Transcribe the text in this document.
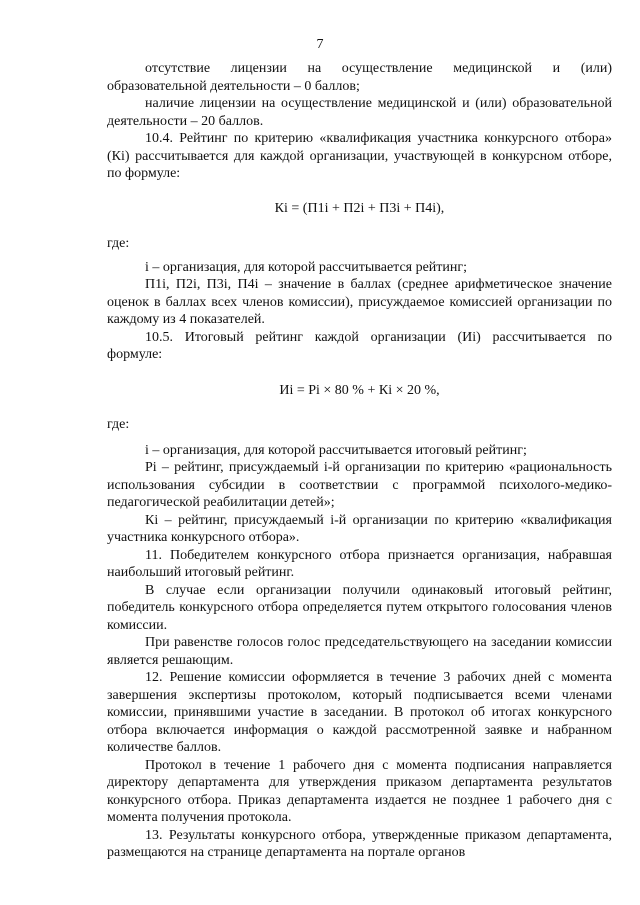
7

отсутствие лицензии на осуществление медицинской и (или) образовательной деятельности – 0 баллов;

наличие лицензии на осуществление медицинской и (или) образовательной деятельности – 20 баллов.

10.4. Рейтинг по критерию «квалификация участника конкурсного отбора» (Кi) рассчитывается для каждой организации, участвующей в конкурсном отборе, по формуле:

Кi = (П1i + П2i + П3i + П4i),

где:

i – организация, для которой рассчитывается рейтинг;

П1i, П2i, П3i, П4i – значение в баллах (среднее арифметическое значение оценок в баллах всех членов комиссии), присуждаемое комиссией организации по каждому из 4 показателей.

10.5. Итоговый рейтинг каждой организации (Иi) рассчитывается по формуле:

Иi = Рi × 80 % + Кi × 20 %,

где:

i – организация, для которой рассчитывается итоговый рейтинг;

Рi – рейтинг, присуждаемый i-й организации по критерию «рациональность использования субсидии в соответствии с программой психолого-медико-педагогической реабилитации детей»;

Кi – рейтинг, присуждаемый i-й организации по критерию «квалификация участника конкурсного отбора».

11. Победителем конкурсного отбора признается организация, набравшая наибольший итоговый рейтинг.

В случае если организации получили одинаковый итоговый рейтинг, победитель конкурсного отбора определяется путем открытого голосования членов комиссии.

При равенстве голосов голос председательствующего на заседании комиссии является решающим.

12. Решение комиссии оформляется в течение 3 рабочих дней с момента завершения экспертизы протоколом, который подписывается всеми членами комиссии, принявшими участие в заседании. В протокол об итогах конкурсного отбора включается информация о каждой рассмотренной заявке и набранном количестве баллов.

Протокол в течение 1 рабочего дня с момента подписания направляется директору департамента для утверждения приказом департамента результатов конкурсного отбора. Приказ департамента издается не позднее 1 рабочего дня с момента получения протокола.

13. Результаты конкурсного отбора, утвержденные приказом департамента, размещаются на странице департамента на портале органов
